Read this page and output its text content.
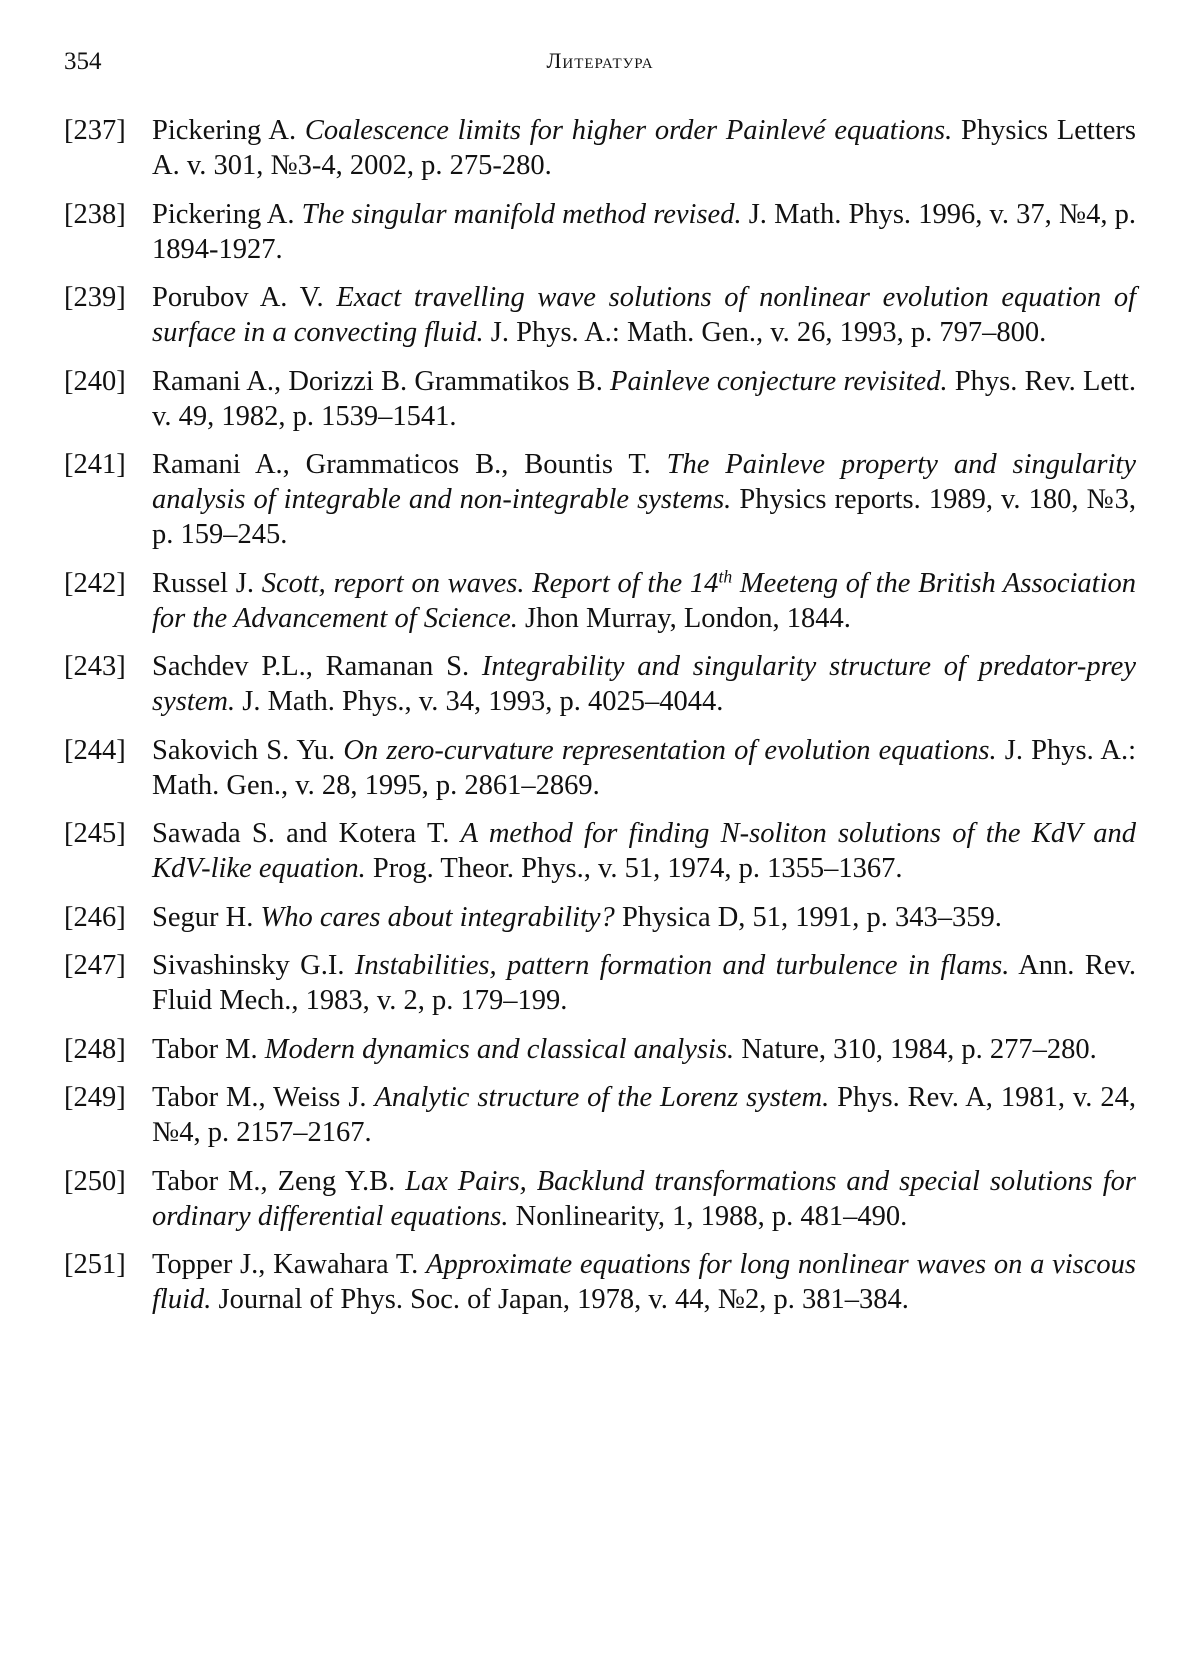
354	Литература
[237] Pickering A. Coalescence limits for higher order Painlevé equations. Physics Letters A. v. 301, №3-4, 2002, p. 275-280.
[238] Pickering A. The singular manifold method revised. J. Math. Phys. 1996, v. 37, №4, p. 1894-1927.
[239] Porubov A. V. Exact travelling wave solutions of nonlinear evolution equation of surface in a convecting fluid. J. Phys. A.: Math. Gen., v. 26, 1993, p. 797–800.
[240] Ramani A., Dorizzi B. Grammatikos B. Painleve conjecture revisited. Phys. Rev. Lett. v. 49, 1982, p. 1539–1541.
[241] Ramani A., Grammaticos B., Bountis T. The Painleve property and singularity analysis of integrable and non-integrable systems. Physics reports. 1989, v. 180, №3, p. 159–245.
[242] Russel J. Scott, report on waves. Report of the 14th Meeteng of the British Association for the Advancement of Science. Jhon Murray, London, 1844.
[243] Sachdev P.L., Ramanan S. Integrability and singularity structure of predator-prey system. J. Math. Phys., v. 34, 1993, p. 4025–4044.
[244] Sakovich S. Yu. On zero-curvature representation of evolution equations. J. Phys. A.: Math. Gen., v. 28, 1995, p. 2861–2869.
[245] Sawada S. and Kotera T. A method for finding N-soliton solutions of the KdV and KdV-like equation. Prog. Theor. Phys., v. 51, 1974, p. 1355–1367.
[246] Segur H. Who cares about integrability? Physica D, 51, 1991, p. 343–359.
[247] Sivashinsky G.I. Instabilities, pattern formation and turbulence in flams. Ann. Rev. Fluid Mech., 1983, v. 2, p. 179–199.
[248] Tabor M. Modern dynamics and classical analysis. Nature, 310, 1984, p. 277–280.
[249] Tabor M., Weiss J. Analytic structure of the Lorenz system. Phys. Rev. A, 1981, v. 24, №4, p. 2157–2167.
[250] Tabor M., Zeng Y.B. Lax Pairs, Backlund transformations and special solutions for ordinary differential equations. Nonlinearity, 1, 1988, p. 481–490.
[251] Topper J., Kawahara T. Approximate equations for long nonlinear waves on a viscous fluid. Journal of Phys. Soc. of Japan, 1978, v. 44, №2, p. 381–384.
